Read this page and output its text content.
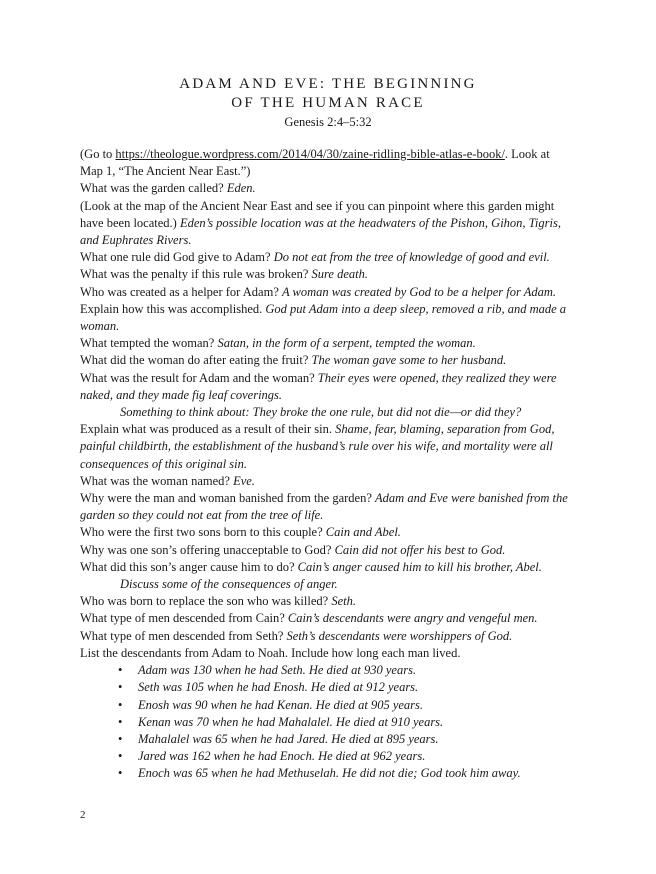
ADAM AND EVE: THE BEGINNING
OF THE HUMAN RACE
Genesis 2:4–5:32

(Go to https://theologue.wordpress.com/2014/04/30/zaine-ridling-bible-atlas-e-book/. Look at Map 1, “The Ancient Near East.”)

What was the garden called? Eden.

(Look at the map of the Ancient Near East and see if you can pinpoint where this garden might have been located.) Eden’s possible location was at the headwaters of the Pishon, Gihon, Tigris, and Euphrates Rivers.

What one rule did God give to Adam? Do not eat from the tree of knowledge of good and evil.

What was the penalty if this rule was broken? Sure death.

Who was created as a helper for Adam? A woman was created by God to be a helper for Adam.

Explain how this was accomplished. God put Adam into a deep sleep, removed a rib, and made a woman.

What tempted the woman? Satan, in the form of a serpent, tempted the woman.

What did the woman do after eating the fruit? The woman gave some to her husband.

What was the result for Adam and the woman? Their eyes were opened, they realized they were naked, and they made fig leaf coverings.

Something to think about: They broke the one rule, but did not die—or did they?

Explain what was produced as a result of their sin. Shame, fear, blaming, separation from God, painful childbirth, the establishment of the husband’s rule over his wife, and mortality were all consequences of this original sin.

What was the woman named? Eve.

Why were the man and woman banished from the garden? Adam and Eve were banished from the garden so they could not eat from the tree of life.

Who were the first two sons born to this couple? Cain and Abel.

Why was one son’s offering unacceptable to God? Cain did not offer his best to God.

What did this son’s anger cause him to do? Cain’s anger caused him to kill his brother, Abel.

Discuss some of the consequences of anger.

Who was born to replace the son who was killed? Seth.

What type of men descended from Cain? Cain’s descendants were angry and vengeful men.

What type of men descended from Seth? Seth’s descendants were worshippers of God.

List the descendants from Adam to Noah. Include how long each man lived.

• Adam was 130 when he had Seth. He died at 930 years.
• Seth was 105 when he had Enosh. He died at 912 years.
• Enosh was 90 when he had Kenan. He died at 905 years.
• Kenan was 70 when he had Mahalalel. He died at 910 years.
• Mahalalel was 65 when he had Jared. He died at 895 years.
• Jared was 162 when he had Enoch. He died at 962 years.
• Enoch was 65 when he had Methuselah. He did not die; God took him away.
2
